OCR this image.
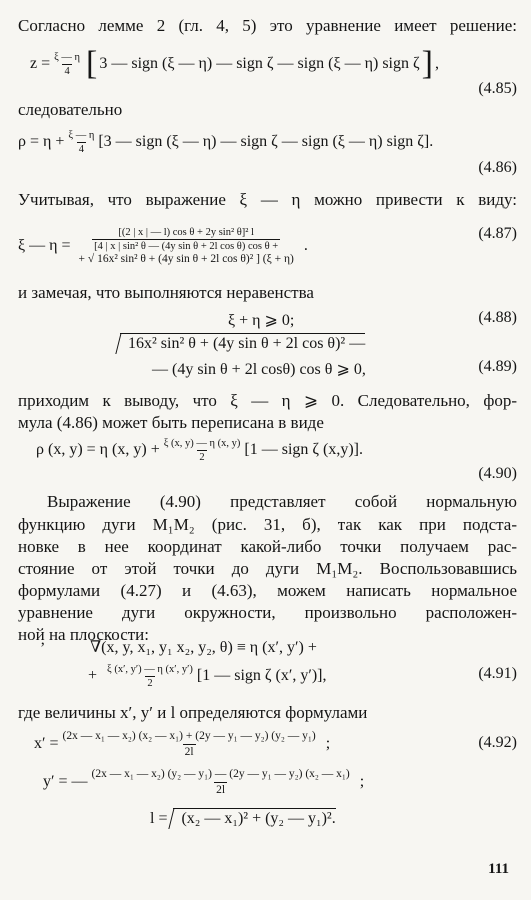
Согласно лемме 2 (гл. 4, 5) это уравнение имеет решение:
$z = \frac{\xi — \eta}{4}$ [ 3 — sign (ξ — η) — sign ζ — sign (ξ — η) sign ζ ] ,
(4.85)
следовательно
$\rho = \eta + \frac{\xi — \eta}{4} [3$ — sign (ξ — η) — sign ζ — sign (ξ — η) sign ζ].
(4.86)
Учитывая, что выражение ξ — η можно привести к виду:
ξ — η =
[(2 | x | — l) cos θ + 2y sin² θ]² l
[4 | x | sin² θ — (4y sin θ + 2l cos θ) cos θ +
+ √ 16x² sin² θ + (4y sin θ + 2l cos θ)² ] (ξ + η)
.
(4.87)
и замечая, что выполняются неравенства
ξ + η ⩾ 0;	(4.88)
16x² sin² θ + (4y sin θ + 2l cos θ)² —
— (4y sin θ + 2l cosθ) cos θ ⩾ 0,	(4.89)
приходим к выводу, что ξ — η ⩾ 0. Следовательно, фор-
мула (4.86) может быть переписана в виде
ρ (x, y) = η (x, $y) + \frac{\xi (x, y) — \eta (x, y)}{2} [1$ — sign ζ (x,y)].
(4.90)
Выражение (4.90) представляет собой нормальную
функцию дуги M₁M₂ (рис. 31, б), так как при подста-
новке в нее координат какой-либо точки получаем рас-
стояние от этой точки до дуги M₁M₂. Воспользовавшись
формулами (4.27) и (4.63), можем написать нормальное
уравнение дуги окружности, произвольно расположен-
ной на плоскости:
’	∇(x, y, x₁, y₁ x₂, y₂, θ) ≡ η (x′, y′) +
+ $\frac{\xi (x', y') — \eta (x', y')}{2} [1$ — sign ζ (x′, y′)],	(4.91)
где величины x′, y′ и l определяются формулами
$x' = \frac{\text{(2x — x₁ — x₂) (x₂ — x₁) + (2y — y₁ — y₂) (y₂ — y₁)}}{2l}$ ;	(4.92)
y′ = — $\frac{\text{(2x — x₁ — x₂) (y₂ — y₁) — (2y — y₁ — y₂) (x₂ — x₁)}}{2l}$ ;
l = (x₂ — x₁)² + (y₂ — y₁)².
111
